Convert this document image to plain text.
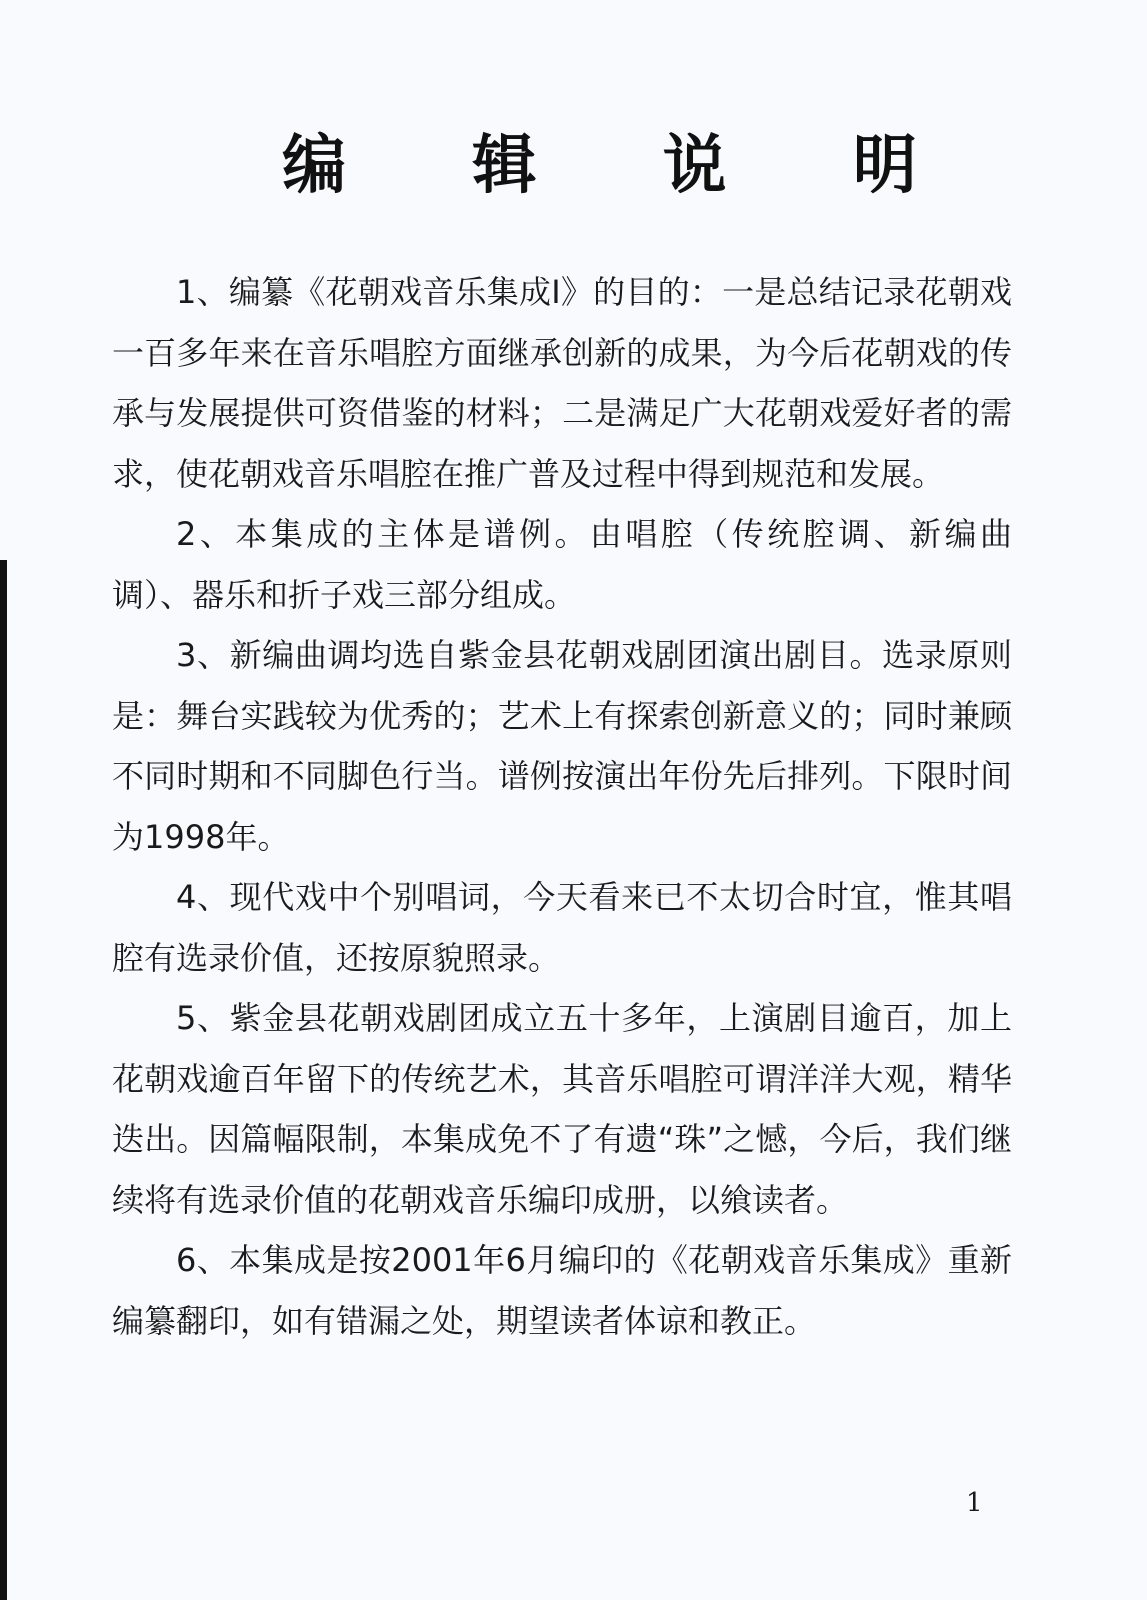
编 辑 说 明

1、编纂《花朝戏音乐集成Ⅰ》的目的：一是总结记录花朝戏一百多年来在音乐唱腔方面继承创新的成果，为今后花朝戏的传承与发展提供可资借鉴的材料；二是满足广大花朝戏爱好者的需求，使花朝戏音乐唱腔在推广普及过程中得到规范和发展。

2、本集成的主体是谱例。由唱腔（传统腔调、新编曲调）、器乐和折子戏三部分组成。

3、新编曲调均选自紫金县花朝戏剧团演出剧目。选录原则是：舞台实践较为优秀的；艺术上有探索创新意义的；同时兼顾不同时期和不同脚色行当。谱例按演出年份先后排列。下限时间为1998年。

4、现代戏中个别唱词，今天看来已不太切合时宜，惟其唱腔有选录价值，还按原貌照录。

5、紫金县花朝戏剧团成立五十多年，上演剧目逾百，加上花朝戏逾百年留下的传统艺术，其音乐唱腔可谓洋洋大观，精华迭出。因篇幅限制，本集成免不了有遗“珠”之憾，今后，我们继续将有选录价值的花朝戏音乐编印成册，以飨读者。

6、本集成是按2001年6月编印的《花朝戏音乐集成》重新编纂翻印，如有错漏之处，期望读者体谅和教正。

1
